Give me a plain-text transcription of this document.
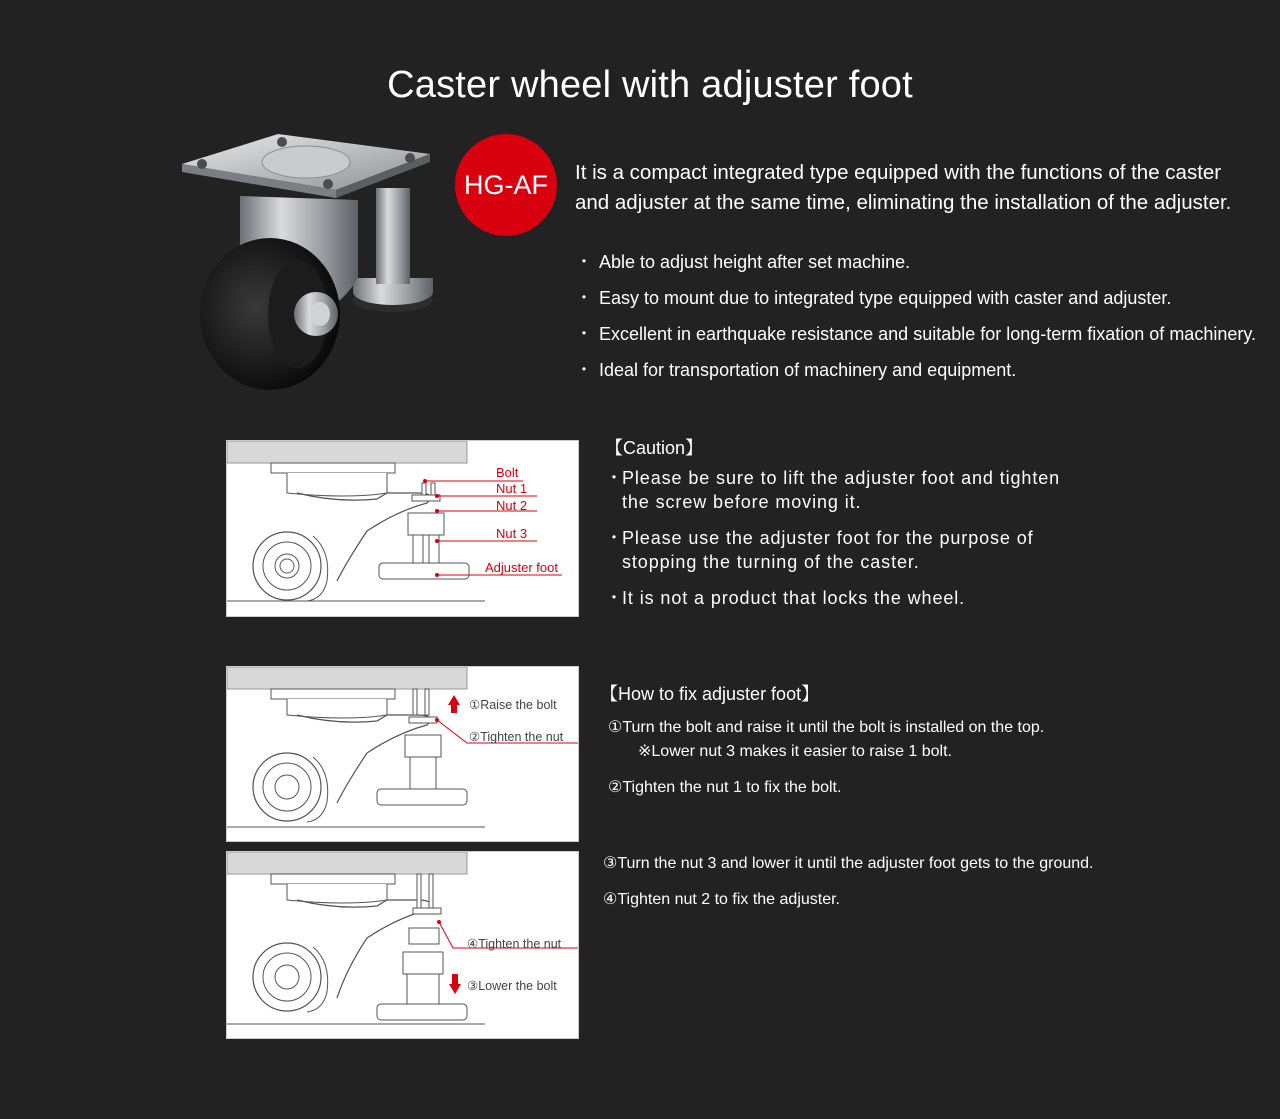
Caster wheel with adjuster foot
HG-AF	It is a compact integrated type equipped with the functions of the caster and adjuster at the same time, eliminating the installation of the adjuster.
・ Able to adjust height after set machine.
・ Easy to mount due to integrated type equipped with caster and adjuster.
・ Excellent in earthquake resistance and suitable for long-term fixation of machinery.
・ Ideal for transportation of machinery and equipment.
Bolt
Nut 1
Nut 2
Nut 3
Adjuster foot
【Caution】
・
Please be sure to lift the adjuster foot and tighten the screw before moving it.
・
Please use the adjuster foot for the purpose of stopping the turning of the caster.
・
It is not a product that locks the wheel.
①Raise the bolt
②Tighten the nut
【How to fix adjuster foot】
①Turn the bolt and raise it until the bolt is installed on the top.
※Lower nut 3 makes it easier to raise 1 bolt.
②Tighten the nut 1 to fix the bolt.
④Tighten the nut
③Lower the bolt
③Turn the nut 3 and lower it until the adjuster foot gets to the ground.
④Tighten nut 2 to fix the adjuster.
